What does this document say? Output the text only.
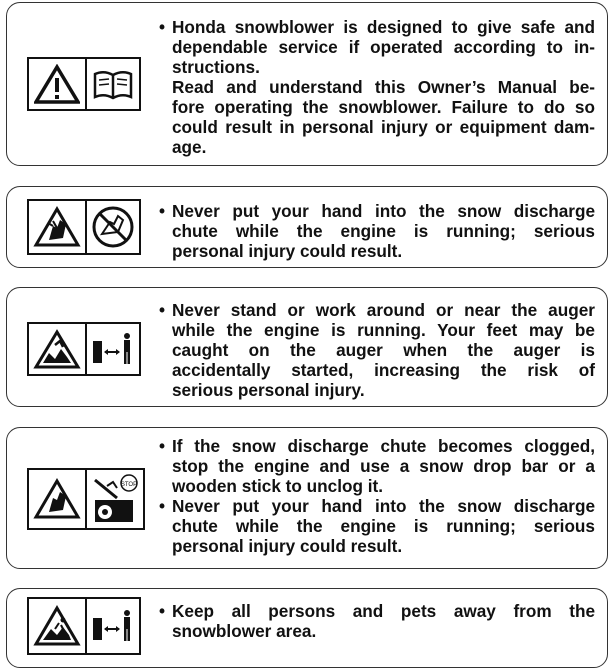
• Honda snowblower is designed to give safe and
dependable service if operated according to in-
structions.
Read and understand this Owner’s Manual be-
fore operating the snowblower. Failure to do so
could result in personal injury or equipment dam-
age.
• Never put your hand into the snow discharge
chute while the engine is running; serious
personal injury could result.
• Never stand or work around or near the auger
while the engine is running. Your feet may be
caught on the auger when the auger is
accidentally started, increasing the risk of
serious personal injury.
STOP
• If the snow discharge chute becomes clogged,
stop the engine and use a snow drop bar or a
wooden stick to unclog it.
• Never put your hand into the snow discharge
chute while the engine is running; serious
personal injury could result.
• Keep all persons and pets away from the
snowblower area.
